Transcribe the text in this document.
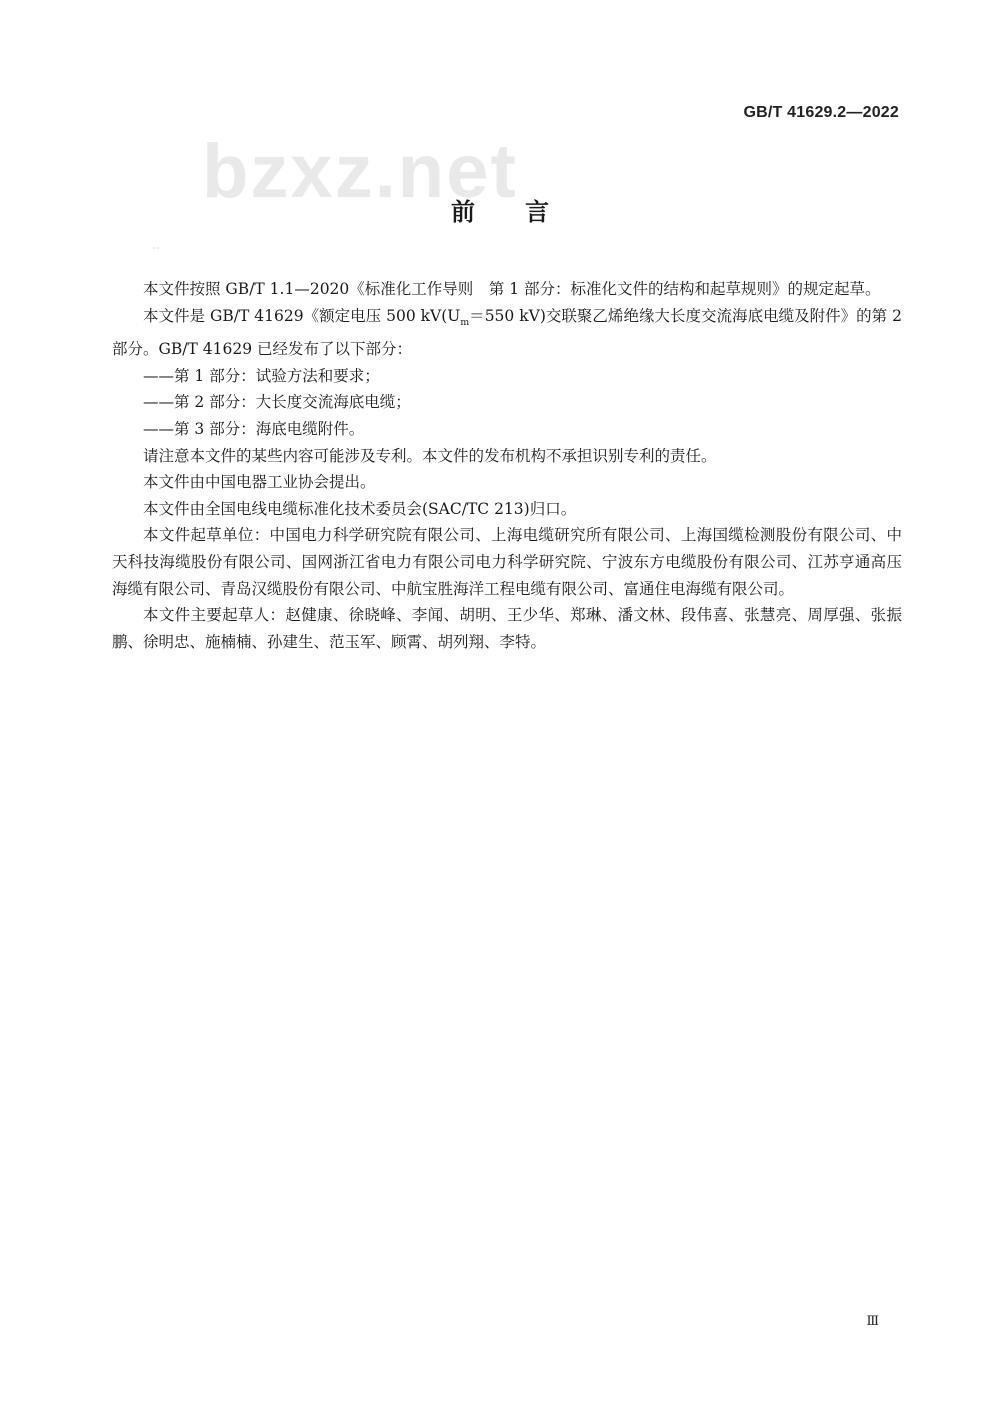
GB/T 41629.2—2022
bzxz.net
前言
˜˜

本文件按照 GB/T 1.1—2020《标准化工作导则　第 1 部分：标准化文件的结构和起草规则》的规定起草。

本文件是 GB/T 41629《额定电压 500 $kV(U_m=550$ kV)交联聚乙烯绝缘大长度交流海底电缆及附件》的第 2 部分。GB/T 41629 已经发布了以下部分：

——第 1 部分：试验方法和要求；

——第 2 部分：大长度交流海底电缆；

——第 3 部分：海底电缆附件。

请注意本文件的某些内容可能涉及专利。本文件的发布机构不承担识别专利的责任。

本文件由中国电器工业协会提出。

本文件由全国电线电缆标准化技术委员会(SAC/TC 213)归口。

本文件起草单位：中国电力科学研究院有限公司、上海电缆研究所有限公司、上海国缆检测股份有限公司、中天科技海缆股份有限公司、国网浙江省电力有限公司电力科学研究院、宁波东方电缆股份有限公司、江苏亨通高压海缆有限公司、青岛汉缆股份有限公司、中航宝胜海洋工程电缆有限公司、富通住电海缆有限公司。

本文件主要起草人：赵健康、徐晓峰、李闻、胡明、王少华、郑琳、潘文林、段伟喜、张慧亮、周厚强、张振鹏、徐明忠、施楠楠、孙建生、范玉军、顾霄、胡列翔、李特。

Ⅲ
